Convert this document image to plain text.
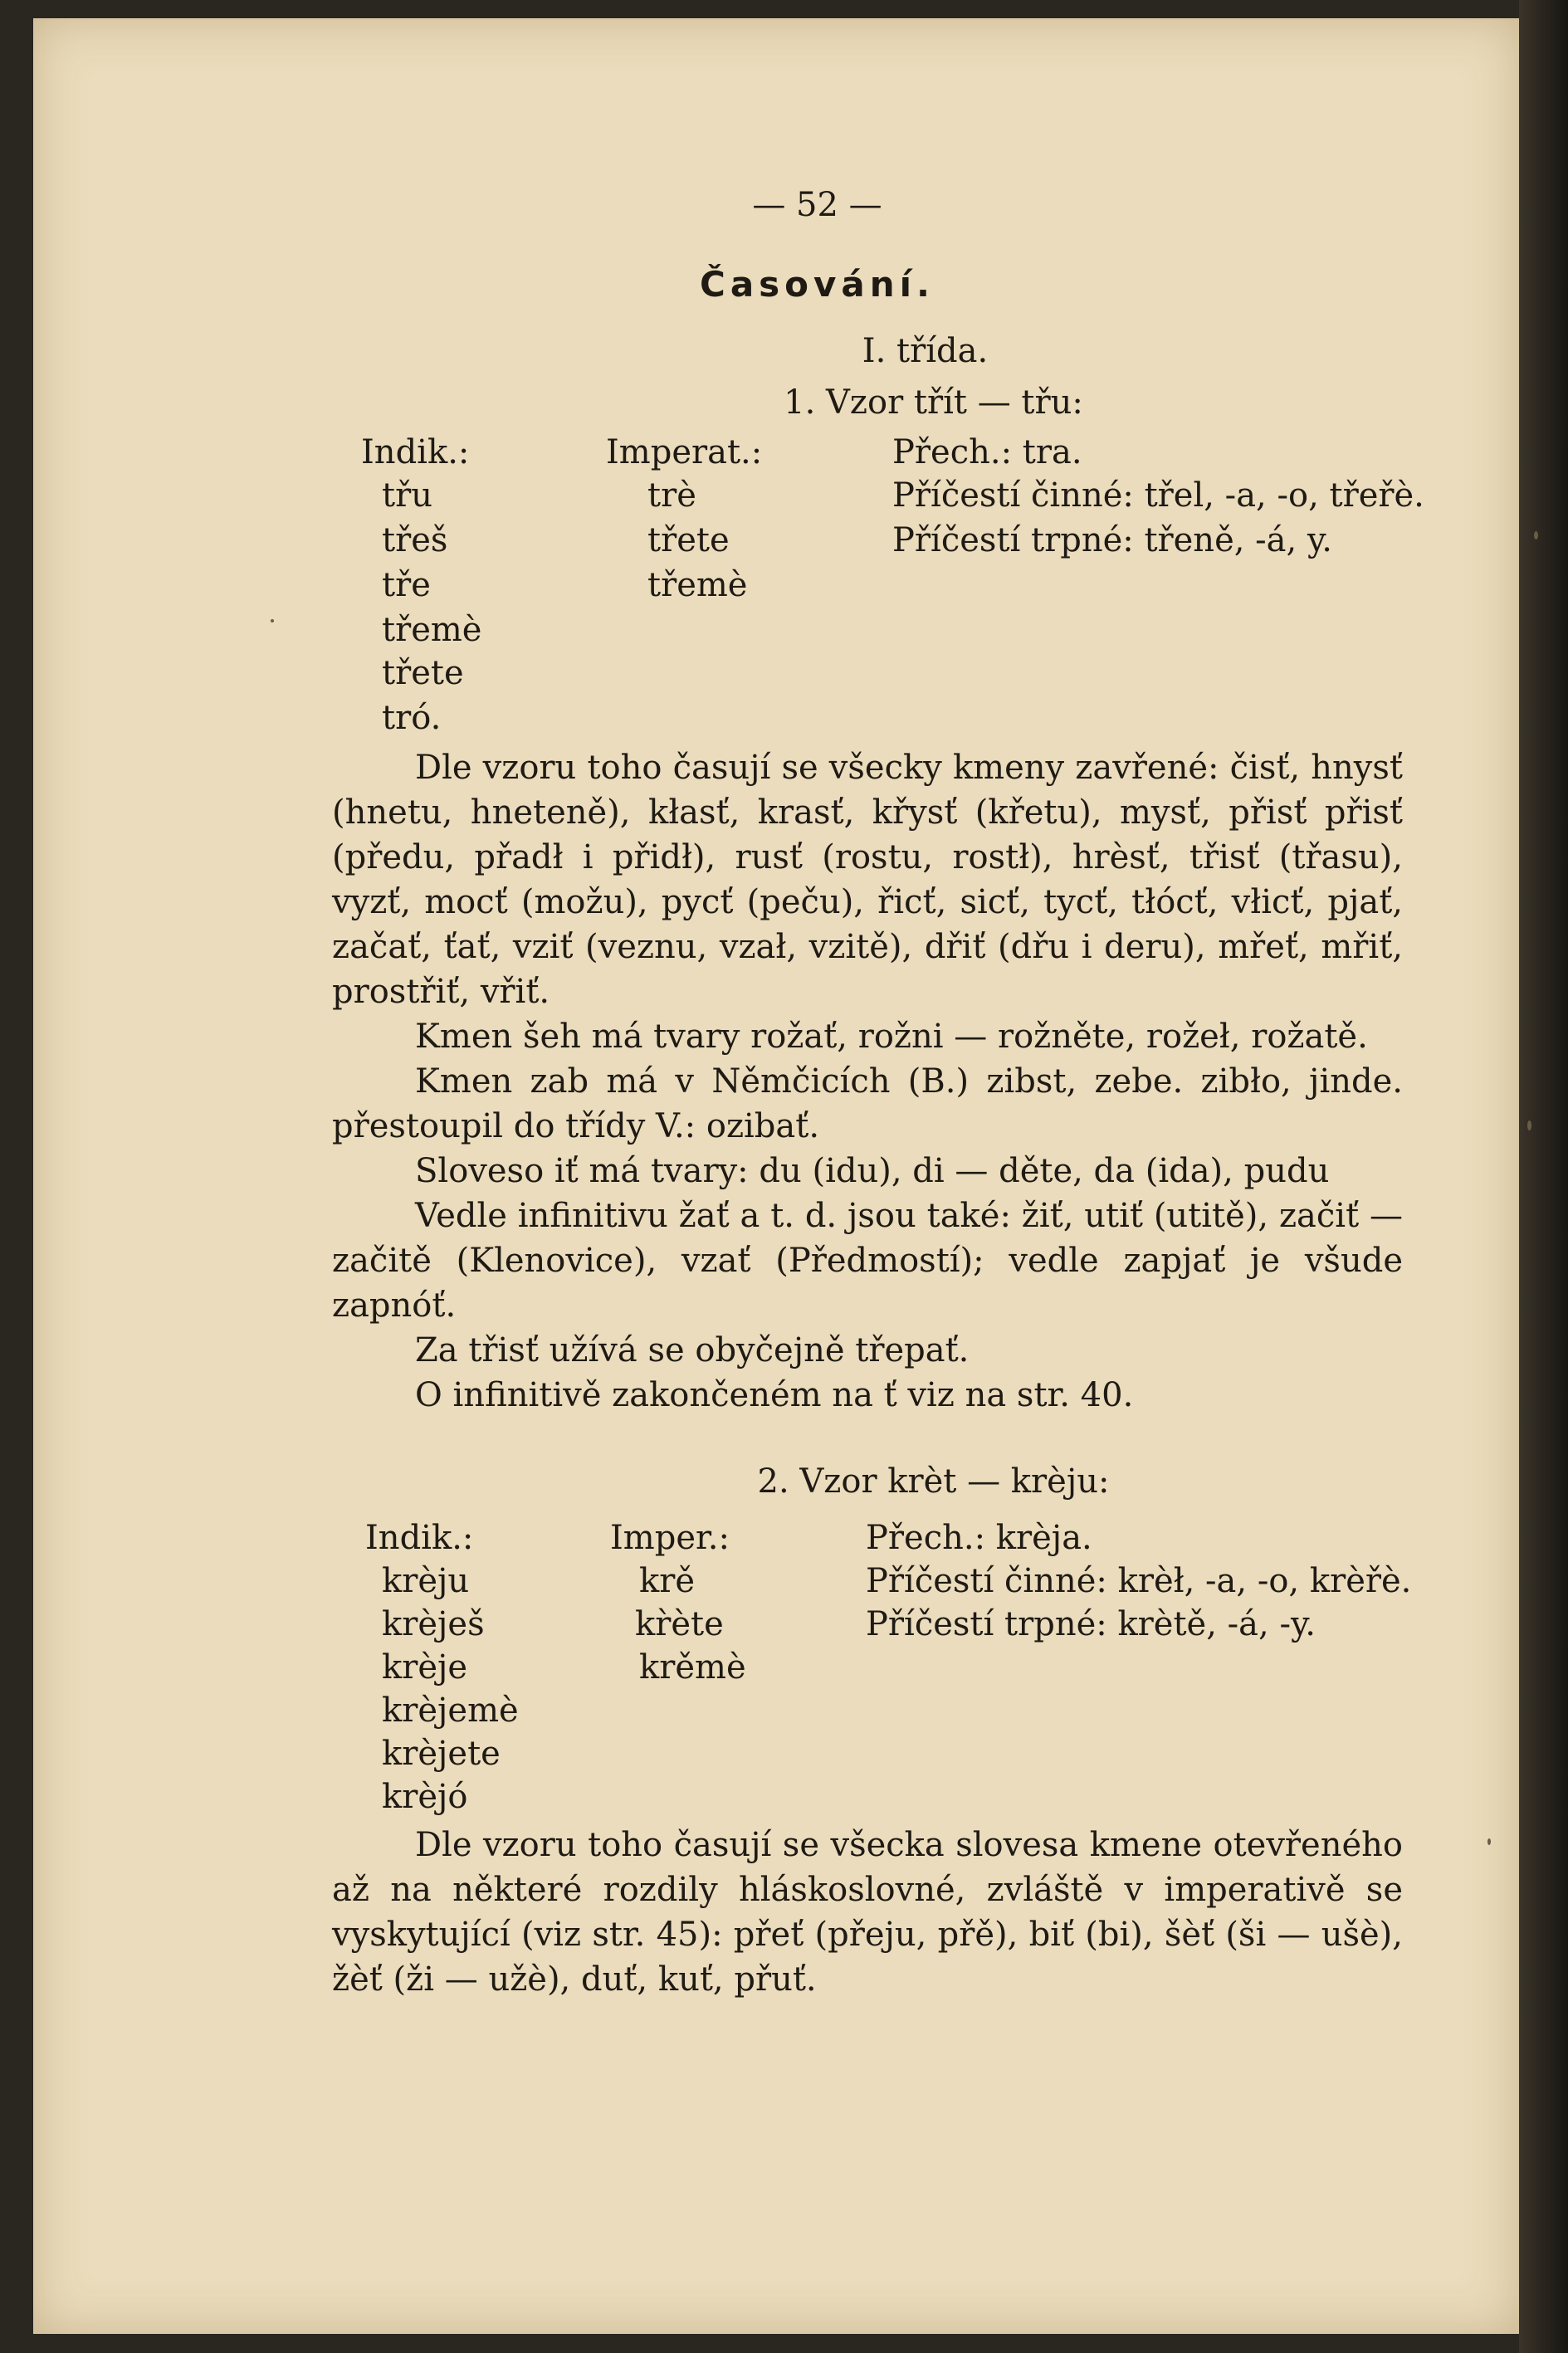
— 52 —
Časování.
I. třída.
1. Vzor třít — třu:
Indik.:
třu
třeš
tře
třemè
třete
tró.
Imperat.:
trè
třete
třemè
Přech.: tra.
Příčestí činné: třel, -a, -o, třeřè.
Příčestí trpné: třeně, -á, y.

Dle vzoru toho časují se všecky kmeny zavřené: čisť, hnysť (hnetu, hneteně), kłasť, krasť, křysť (křetu), mysť, přisť přisť (předu, přadł i přidł), rusť (rostu, rostł), hrèsť, třisť (třasu), vyzť, mocť (možu), pycť (peču), řicť, sicť, tycť, tłócť, vłicť, pjať, začať, ťať, vziť (veznu, vzał, vzitě), dřiť (dřu i deru), mřeť, mřiť, prostřiť, vřiť.

Kmen šeh má tvary rožať, rožni — rožněte, rožeł, rožatě.

Kmen zab má v Němčicích (B.) zibst, zebe. zibło, jinde. přestoupil do třídy V.: ozibať.

Sloveso iť má tvary: du (idu), di — děte, da (ida), pudu

Vedle infinitivu žať a t. d. jsou také: žiť, utiť (utitě), začiť — začitě (Klenovice), vzať (Předmostí); vedle zapjať je všude zapnóť.

Za třisť užívá se obyčejně třepať.

O infinitivě zakončeném na ť viz na str. 40.

2. Vzor krèt — krèju:
Indik.:
krèju
krèješ
krèje
krèjemè
krèjete
krèjó
Imper.:
krě
kr̀ète
krěmè
Přech.: krèja.
Příčestí činné: krèł, -a, -o, krèřè.
Příčestí trpné: krètě, -á, -y.

Dle vzoru toho časují se všecka slovesa kmene otevřeného až na některé rozdily hláskoslovné, zvláště v imperativě se vyskytující (viz str. 45): přeť (přeju, přě), biť (bi), šèť (ši — ušè), žèť (ži — užè), duť, kuť, přuť.
